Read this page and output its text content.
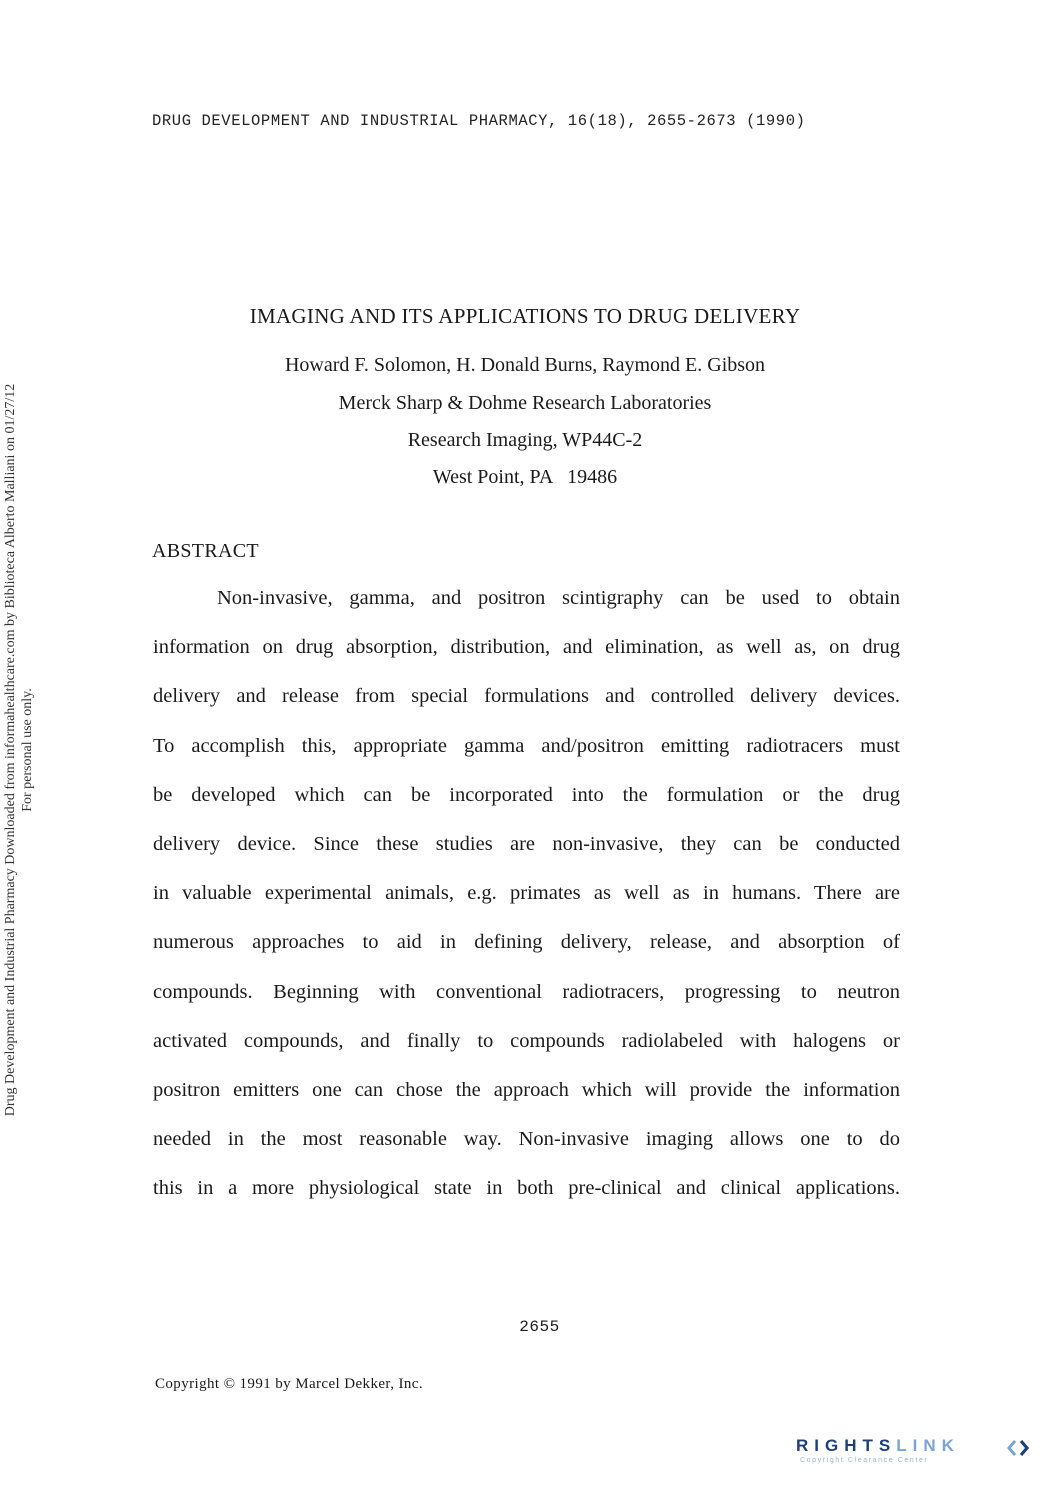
DRUG DEVELOPMENT AND INDUSTRIAL PHARMACY, 16(18), 2655-2673 (1990)
Drug Development and Industrial Pharmacy Downloaded from informahealthcare.com by Biblioteca Alberto Malliani on 01/27/12 For personal use only.
IMAGING AND ITS APPLICATIONS TO DRUG DELIVERY
Howard F. Solomon, H. Donald Burns, Raymond E. Gibson
Merck Sharp & Dohme Research Laboratories
Research Imaging, WP44C-2
West Point, PA   19486
ABSTRACT
Non-invasive, gamma, and positron scintigraphy can be used to obtain
information on drug absorption, distribution, and elimination, as well as, on drug
delivery and release from special formulations and controlled delivery devices.
To accomplish this, appropriate gamma and/positron emitting radiotracers must
be developed which can be incorporated into the formulation or the drug
delivery device. Since these studies are non-invasive, they can be conducted
in valuable experimental animals, e.g. primates as well as in humans. There are
numerous approaches to aid in defining delivery, release, and absorption of
compounds. Beginning with conventional radiotracers, progressing to neutron
activated compounds, and finally to compounds radiolabeled with halogens or
positron emitters one can chose the approach which will provide the information
needed in the most reasonable way. Non-invasive imaging allows one to do
this in a more physiological state in both pre-clinical and clinical applications.
2655
Copyright © 1991 by Marcel Dekker, Inc.
RIGHTSLINK
Copyright Clearance Center
